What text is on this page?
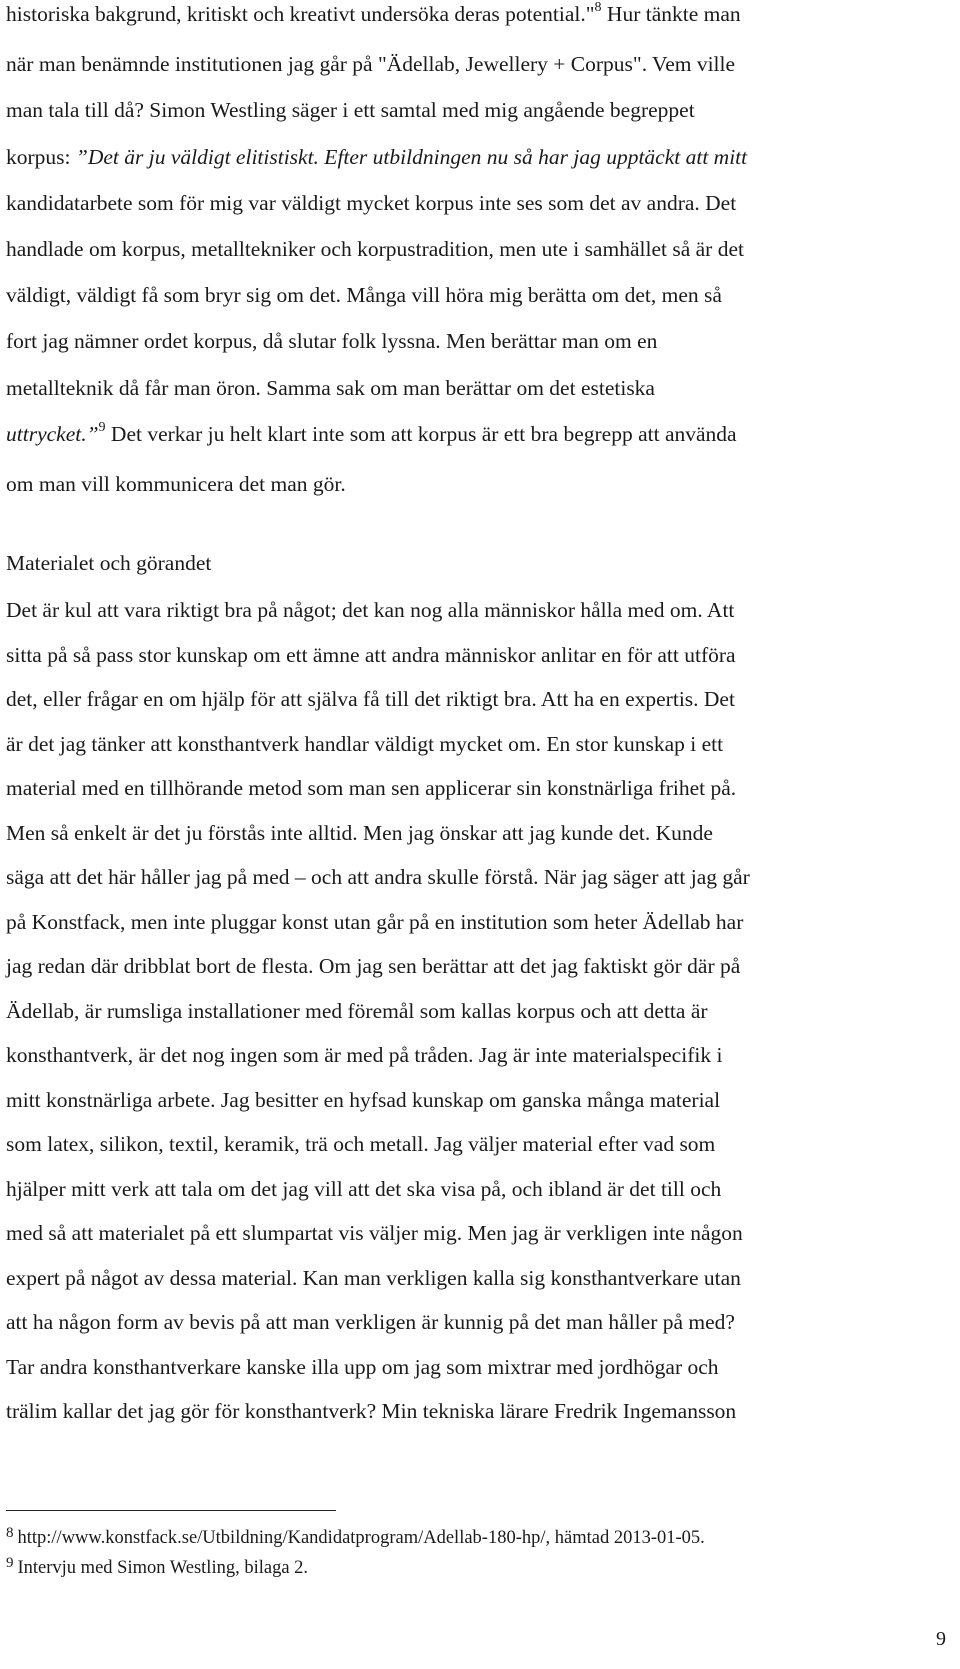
historiska bakgrund, kritiskt och kreativt undersöka deras potential."$^8$ Hur tänkte man
när man benämnde institutionen jag går på "Ädellab, Jewellery + Corpus". Vem ville
man tala till då? Simon Westling säger i ett samtal med mig angående begreppet
korpus: ”Det är ju väldigt elitistiskt. Efter utbildningen nu så har jag upptäckt att mitt
kandidatarbete som för mig var väldigt mycket korpus inte ses som det av andra. Det
handlade om korpus, metalltekniker och korpustradition, men ute i samhället så är det
väldigt, väldigt få som bryr sig om det. Många vill höra mig berätta om det, men så
fort jag nämner ordet korpus, då slutar folk lyssna. Men berättar man om en
metallteknik då får man öron. Samma sak om man berättar om det estetiska
uttrycket.”$^9$ Det verkar ju helt klart inte som att korpus är ett bra begrepp att använda
om man vill kommunicera det man gör.

Materialet och görandet

Det är kul att vara riktigt bra på något; det kan nog alla människor hålla med om. Att
sitta på så pass stor kunskap om ett ämne att andra människor anlitar en för att utföra
det, eller frågar en om hjälp för att själva få till det riktigt bra. Att ha en expertis. Det
är det jag tänker att konsthantverk handlar väldigt mycket om. En stor kunskap i ett
material med en tillhörande metod som man sen applicerar sin konstnärliga frihet på.
Men så enkelt är det ju förstås inte alltid. Men jag önskar att jag kunde det. Kunde
säga att det här håller jag på med – och att andra skulle förstå. När jag säger att jag går
på Konstfack, men inte pluggar konst utan går på en institution som heter Ädellab har
jag redan där dribblat bort de flesta. Om jag sen berättar att det jag faktiskt gör där på
Ädellab, är rumsliga installationer med föremål som kallas korpus och att detta är
konsthantverk, är det nog ingen som är med på tråden. Jag är inte materialspecifik i
mitt konstnärliga arbete. Jag besitter en hyfsad kunskap om ganska många material
som latex, silikon, textil, keramik, trä och metall. Jag väljer material efter vad som
hjälper mitt verk att tala om det jag vill att det ska visa på, och ibland är det till och
med så att materialet på ett slumpartat vis väljer mig. Men jag är verkligen inte någon
expert på något av dessa material. Kan man verkligen kalla sig konsthantverkare utan
att ha någon form av bevis på att man verkligen är kunnig på det man håller på med?
Tar andra konsthantverkare kanske illa upp om jag som mixtrar med jordhögar och
trälim kallar det jag gör för konsthantverk? Min tekniska lärare Fredrik Ingemansson

$^8$ http://www.konstfack.se/Utbildning/Kandidatprogram/Adellab-180-hp/, hämtad 2013-01-05.

$^9$ Intervju med Simon Westling, bilaga 2.

9
